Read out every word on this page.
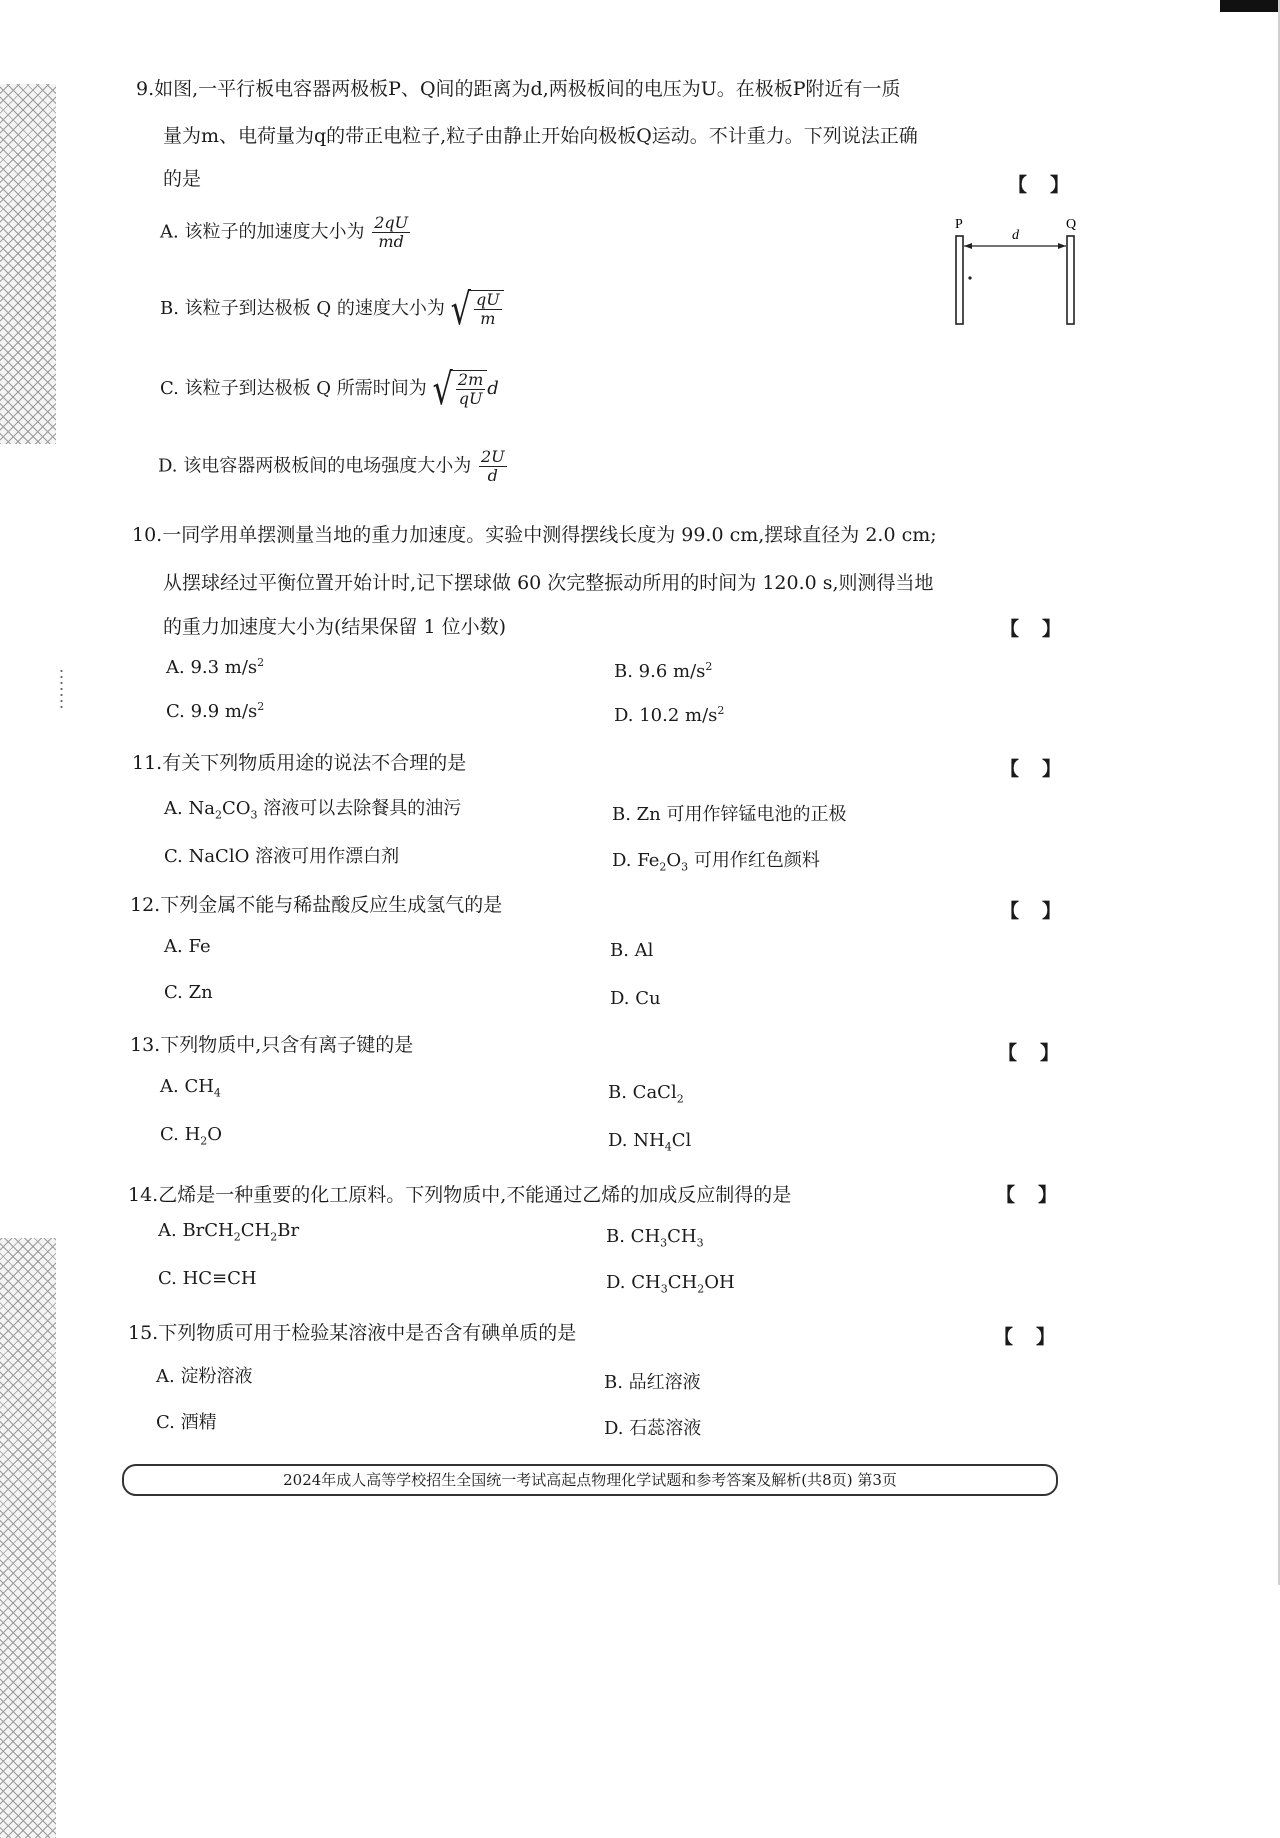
9.如图,一平行板电容器两极板P、Q间的距离为d,两极板间的电压为U。在极板P附近有一质
量为m、电荷量为q的带正电粒子,粒子由静止开始向极板Q运动。不计重力。下列说法正确
的是	【　】
A. 该粒子的加速度大小为 $\frac{2qU}{md}$
B. 该粒子到达极板 Q 的速度大小为 √ $\frac{qU}{m}$
C. 该粒子到达极板 Q 所需时间为 √ $\frac{2m}{qU}$ d
D. 该电容器两极板间的电场强度大小为 $\frac{2U}{d}$
P	Q
d
10.一同学用单摆测量当地的重力加速度。实验中测得摆线长度为 99.0 cm,摆球直径为 2.0 cm;
从摆球经过平衡位置开始计时,记下摆球做 60 次完整振动所用的时间为 120.0 s,则测得当地
的重力加速度大小为(结果保留 1 位小数)	【　】
A. 9.3 $m/s^2$	B. 9.6 $m/s^2$
C. 9.9 $m/s^2$	D. 10.2 $m/s^2$
11.有关下列物质用途的说法不合理的是	【　】
A. $Na_2CO_3$ 溶液可以去除餐具的油污	B. Zn 可用作锌锰电池的正极
C. NaClO 溶液可用作漂白剂	D. $Fe_2O_3$ 可用作红色颜料
12.下列金属不能与稀盐酸反应生成氢气的是	【　】
A. Fe	B. Al
C. Zn	D. Cu
13.下列物质中,只含有离子键的是	【　】
A. $CH_4$	B. CaCl$_2$
C. $H_2O$	D. $NH_4Cl$
14.乙烯是一种重要的化工原料。下列物质中,不能通过乙烯的加成反应制得的是	【　】
A. $BrCH_2CH_2Br$	B. $CH_3CH_3$
C. HC≡CH	D. $CH_3CH_2OH$
15.下列物质可用于检验某溶液中是否含有碘单质的是	【　】
A. 淀粉溶液	B. 品红溶液
C. 酒精	D. 石蕊溶液
2024年成人高等学校招生全国统一考试高起点物理化学试题和参考答案及解析(共8页) 第3页
